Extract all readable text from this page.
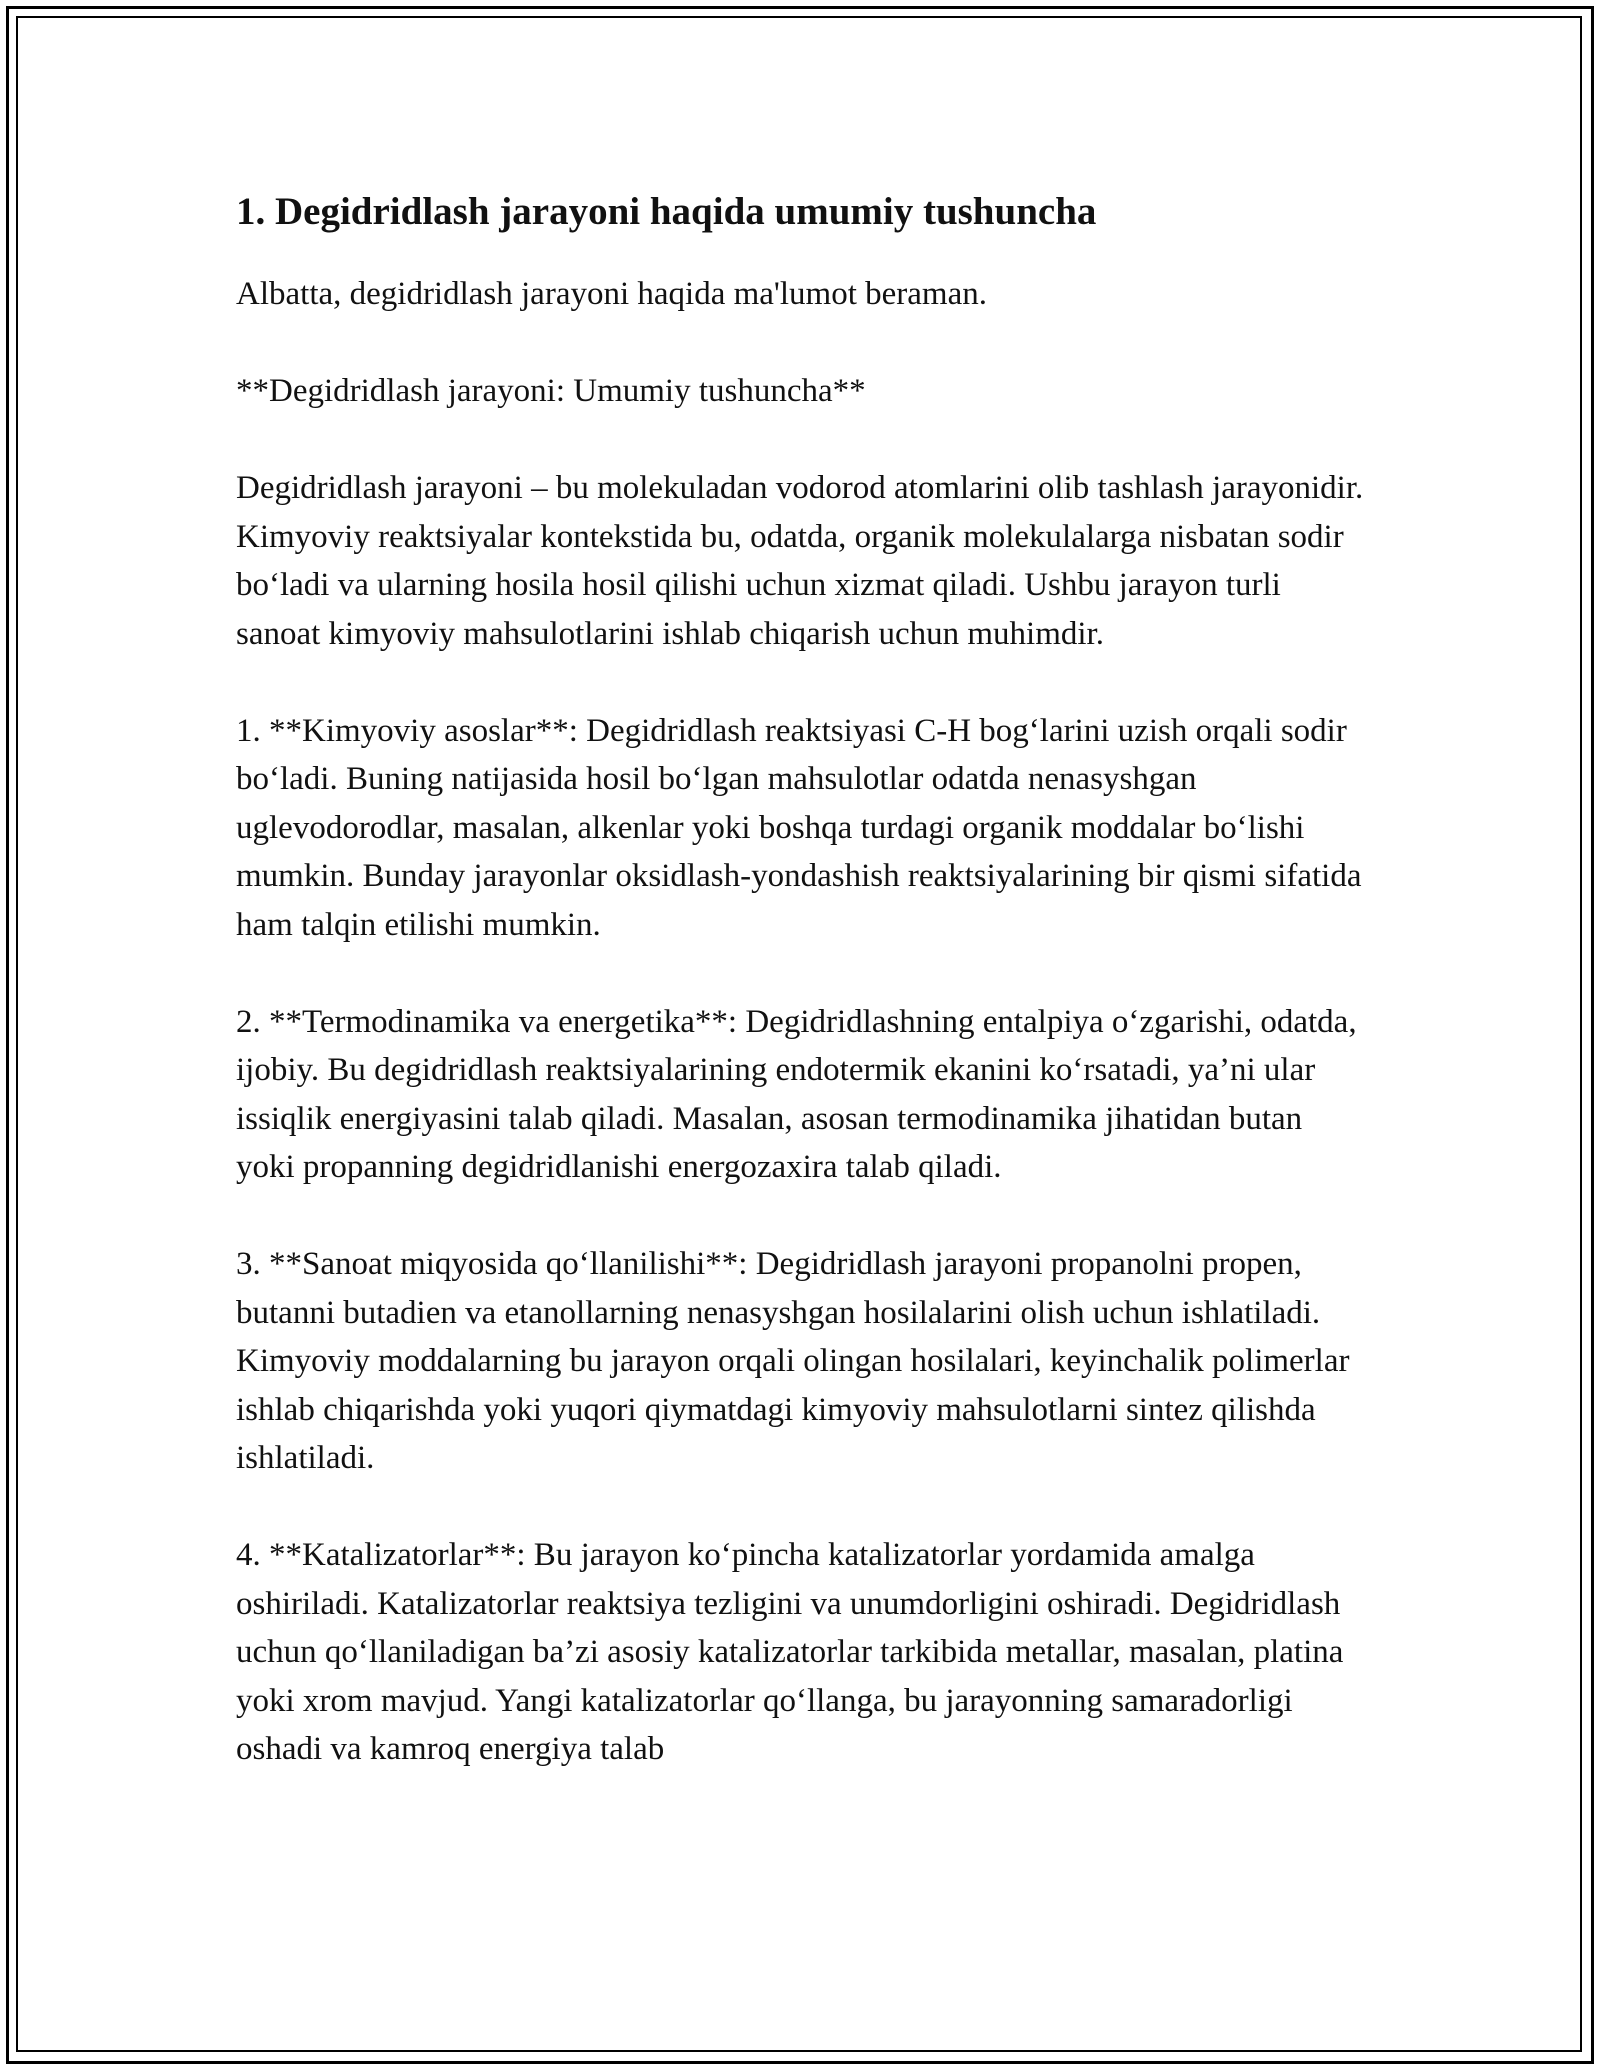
1. Degidridlash jarayoni haqida umumiy tushuncha

Albatta, degidridlash jarayoni haqida ma'lumot beraman.

**Degidridlash jarayoni: Umumiy tushuncha**

Degidridlash jarayoni – bu molekuladan vodorod atomlarini olib tashlash jarayonidir. Kimyoviy reaktsiyalar kontekstida bu, odatda, organik molekulalarga nisbatan sodir bo‘ladi va ularning hosila hosil qilishi uchun xizmat qiladi. Ushbu jarayon turli sanoat kimyoviy mahsulotlarini ishlab chiqarish uchun muhimdir.

1. **Kimyoviy asoslar**: Degidridlash reaktsiyasi C-H bog‘larini uzish orqali sodir bo‘ladi. Buning natijasida hosil bo‘lgan mahsulotlar odatda nenasyshgan uglevodorodlar, masalan, alkenlar yoki boshqa turdagi organik moddalar bo‘lishi mumkin. Bunday jarayonlar oksidlash-yondashish reaktsiyalarining bir qismi sifatida ham talqin etilishi mumkin.

2. **Termodinamika va energetika**: Degidridlashning entalpiya o‘zgarishi, odatda, ijobiy. Bu degidridlash reaktsiyalarining endotermik ekanini ko‘rsatadi, ya’ni ular issiqlik energiyasini talab qiladi. Masalan, asosan termodinamika jihatidan butan yoki propanning degidridlanishi energozaxira talab qiladi.

3. **Sanoat miqyosida qo‘llanilishi**: Degidridlash jarayoni propanolni propen, butanni butadien va etanollarning nenasyshgan hosilalarini olish uchun ishlatiladi. Kimyoviy moddalarning bu jarayon orqali olingan hosilalari, keyinchalik polimerlar ishlab chiqarishda yoki yuqori qiymatdagi kimyoviy mahsulotlarni sintez qilishda ishlatiladi.

4. **Katalizatorlar**: Bu jarayon ko‘pincha katalizatorlar yordamida amalga oshiriladi. Katalizatorlar reaktsiya tezligini va unumdorligini oshiradi. Degidridlash uchun qo‘llaniladigan ba’zi asosiy katalizatorlar tarkibida metallar, masalan, platina yoki xrom mavjud. Yangi katalizatorlar qo‘llanga, bu jarayonning samaradorligi oshadi va kamroq energiya talab
